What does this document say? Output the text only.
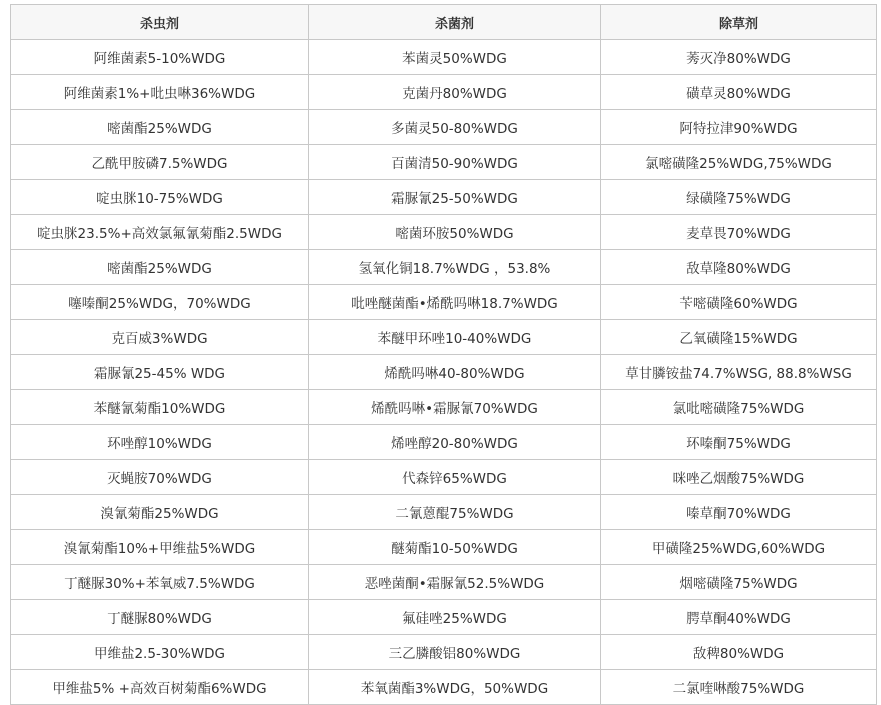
杀虫剂	杀菌剂	除草剂
阿维菌素5-10%WDG	苯菌灵50%WDG	莠灭净80%WDG
阿维菌素1%+吡虫啉36%WDG	克菌丹80%WDG	磺草灵80%WDG
嘧菌酯25%WDG	多菌灵50-80%WDG	阿特拉津90%WDG
乙酰甲胺磷7.5%WDG	百菌清50-90%WDG	氯嘧磺隆25%WDG,75%WDG
啶虫脒10-75%WDG	霜脲氰25-50%WDG	绿磺隆75%WDG
啶虫脒23.5%+高效氯氟氰菊酯2.5WDG	嘧菌环胺50%WDG	麦草畏70%WDG
嘧菌酯25%WDG	氢氧化铜18.7%WDG ，53.8%	敌草隆80%WDG
噻嗪酮25%WDG，70%WDG	吡唑醚菌酯•烯酰吗啉18.7%WDG	苄嘧磺隆60%WDG
克百威3%WDG	苯醚甲环唑10-40%WDG	乙氧磺隆15%WDG
霜脲氰25-45% WDG	烯酰吗啉40-80%WDG	草甘膦铵盐74.7%WSG, 88.8%WSG
苯醚氰菊酯10%WDG	烯酰吗啉•霜脲氰70%WDG	氯吡嘧磺隆75%WDG
环唑醇10%WDG	烯唑醇20-80%WDG	环嗪酮75%WDG
灭蝇胺70%WDG	代森锌65%WDG	咪唑乙烟酸75%WDG
溴氰菊酯25%WDG	二氰蒽醌75%WDG	嗪草酮70%WDG
溴氰菊酯10%+甲维盐5%WDG	醚菊酯10-50%WDG	甲磺隆25%WDG,60%WDG
丁醚脲30%+苯氧威7.5%WDG	恶唑菌酮•霜脲氰52.5%WDG	烟嘧磺隆75%WDG
丁醚脲80%WDG	氟硅唑25%WDG	腭草酮40%WDG
甲维盐2.5-30%WDG	三乙膦酸铝80%WDG	敌稗80%WDG
甲维盐5% +高效百树菊酯6%WDG	苯氧菌酯3%WDG，50%WDG	二氯喹啉酸75%WDG
